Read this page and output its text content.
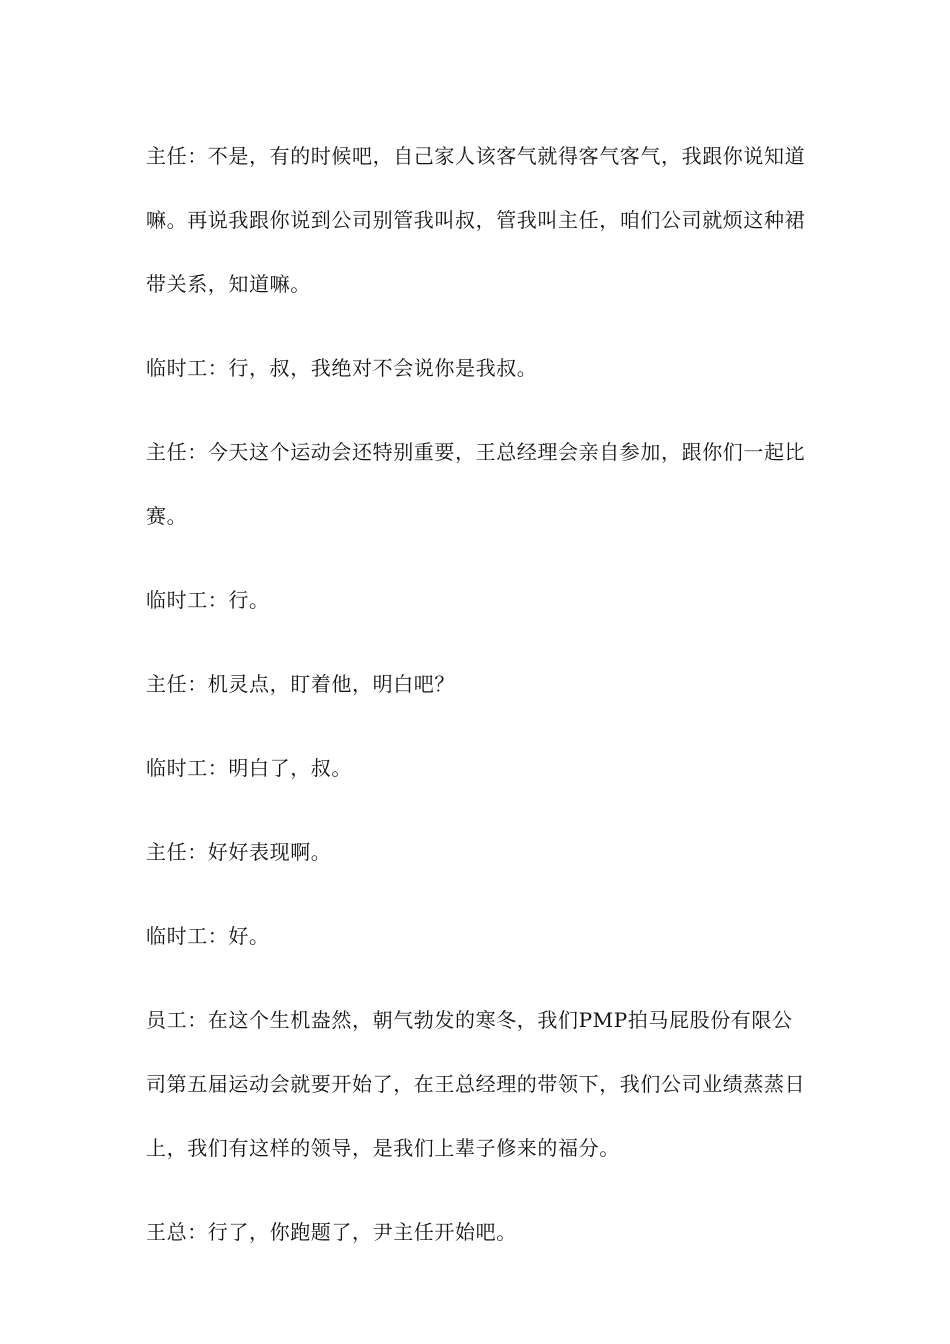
主任：不是，有的时候吧，自己家人该客气就得客气客气，我跟你说知道嘛。再说我跟你说到公司别管我叫叔，管我叫主任，咱们公司就烦这种裙带关系，知道嘛。

临时工：行，叔，我绝对不会说你是我叔。

主任：今天这个运动会还特别重要，王总经理会亲自参加，跟你们一起比赛。

临时工：行。

主任：机灵点，盯着他，明白吧？

临时工：明白了，叔。

主任：好好表现啊。

临时工：好。

员工：在这个生机盎然，朝气勃发的寒冬，我们PMP拍马屁股份有限公司第五届运动会就要开始了，在王总经理的带领下，我们公司业绩蒸蒸日上，我们有这样的领导，是我们上辈子修来的福分。

王总：行了，你跑题了，尹主任开始吧。
